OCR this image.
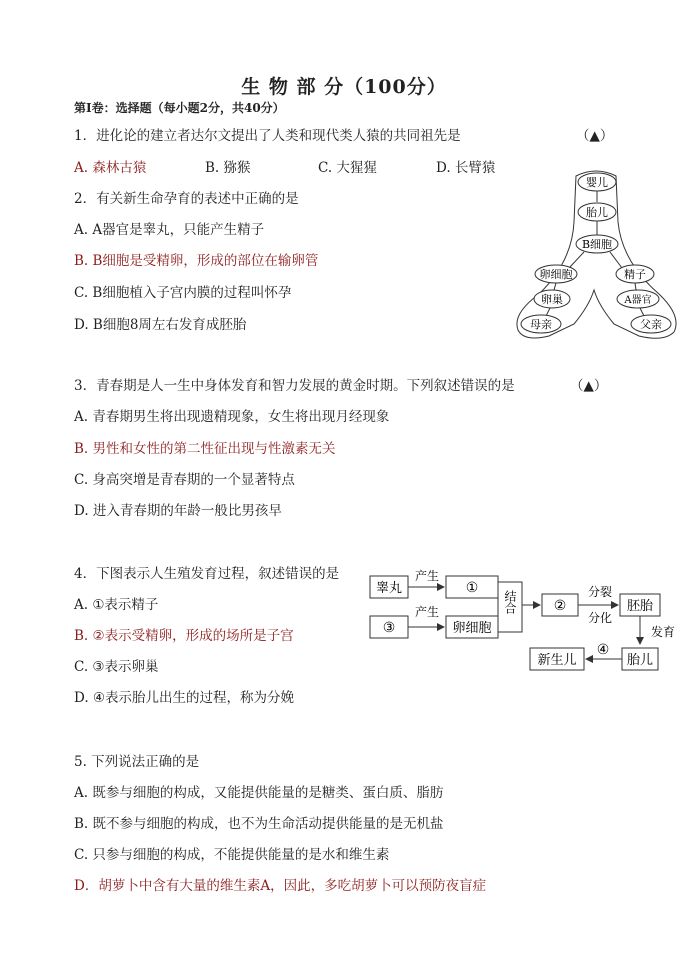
生 物 部 分（100分）
第Ⅰ卷：选择题（每小题2分，共40分）
1．进化论的建立者达尔文提出了人类和现代类人猿的共同祖先是	（▲）
A. 森林古猿	B. 猕猴	C. 大猩猩	D. 长臂猿
2．有关新生命孕育的表述中正确的是
A. A器官是睾丸，只能产生精子
B. B细胞是受精卵，形成的部位在输卵管
C. B细胞植入子宫内膜的过程叫怀孕
D. B细胞8周左右发育成胚胎
婴儿
胎儿
B细胞
卵细胞	精子
卵巢	A器官
母亲	父亲
3．青春期是人一生中身体发育和智力发展的黄金时期。下列叙述错误的是	（▲）
A. 青春期男生将出现遗精现象，女生将出现月经现象
B. 男性和女性的第二性征出现与性激素无关
C. 身高突增是青春期的一个显著特点
D. 进入青春期的年龄一般比男孩早
4．下图表示人生殖发育过程，叙述错误的是
A. ①表示精子
B. ②表示受精卵，形成的场所是子宫
C. ③表示卵巢
D. ④表示胎儿出生的过程，称为分娩
睾丸
产生
①
③
产生
卵细胞
结合	②
分裂
分化
胚胎
发育
胎儿
④
新生儿
5. 下列说法正确的是
A. 既参与细胞的构成，又能提供能量的是糖类、蛋白质、脂肪
B. 既不参与细胞的构成，也不为生命活动提供能量的是无机盐
C. 只参与细胞的构成，不能提供能量的是水和维生素
D．胡萝卜中含有大量的维生素A，因此，多吃胡萝卜可以预防夜盲症
